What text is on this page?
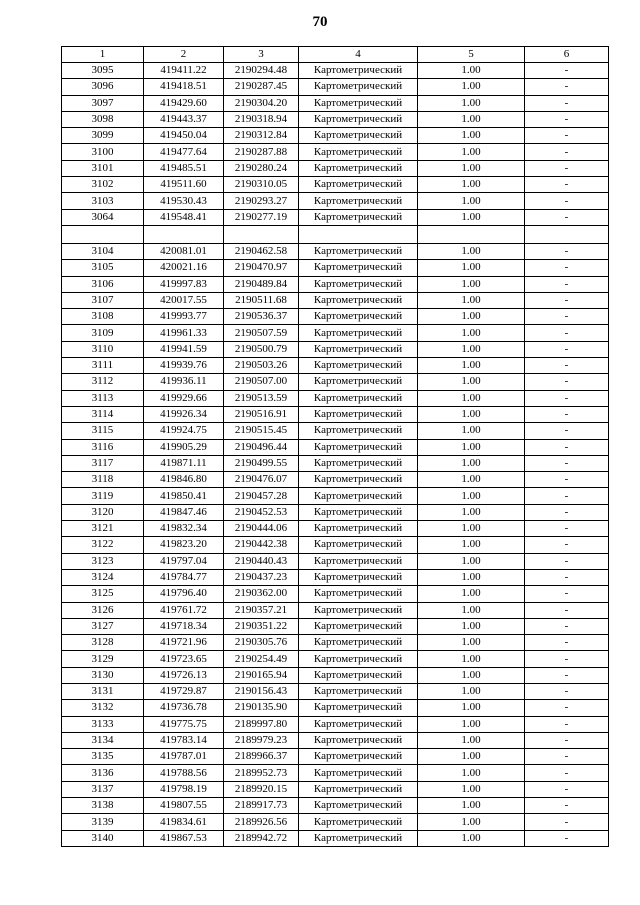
70
1	2	3	4	5	6
3095	419411.22	2190294.48	Картометрический	1.00	-
3096	419418.51	2190287.45	Картометрический	1.00	-
3097	419429.60	2190304.20	Картометрический	1.00	-
3098	419443.37	2190318.94	Картометрический	1.00	-
3099	419450.04	2190312.84	Картометрический	1.00	-
3100	419477.64	2190287.88	Картометрический	1.00	-
3101	419485.51	2190280.24	Картометрический	1.00	-
3102	419511.60	2190310.05	Картометрический	1.00	-
3103	419530.43	2190293.27	Картометрический	1.00	-
3064	419548.41	2190277.19	Картометрический	1.00	-

3104	420081.01	2190462.58	Картометрический	1.00	-
3105	420021.16	2190470.97	Картометрический	1.00	-
3106	419997.83	2190489.84	Картометрический	1.00	-
3107	420017.55	2190511.68	Картометрический	1.00	-
3108	419993.77	2190536.37	Картометрический	1.00	-
3109	419961.33	2190507.59	Картометрический	1.00	-
3110	419941.59	2190500.79	Картометрический	1.00	-
3111	419939.76	2190503.26	Картометрический	1.00	-
3112	419936.11	2190507.00	Картометрический	1.00	-
3113	419929.66	2190513.59	Картометрический	1.00	-
3114	419926.34	2190516.91	Картометрический	1.00	-
3115	419924.75	2190515.45	Картометрический	1.00	-
3116	419905.29	2190496.44	Картометрический	1.00	-
3117	419871.11	2190499.55	Картометрический	1.00	-
3118	419846.80	2190476.07	Картометрический	1.00	-
3119	419850.41	2190457.28	Картометрический	1.00	-
3120	419847.46	2190452.53	Картометрический	1.00	-
3121	419832.34	2190444.06	Картометрический	1.00	-
3122	419823.20	2190442.38	Картометрический	1.00	-
3123	419797.04	2190440.43	Картометрический	1.00	-
3124	419784.77	2190437.23	Картометрический	1.00	-
3125	419796.40	2190362.00	Картометрический	1.00	-
3126	419761.72	2190357.21	Картометрический	1.00	-
3127	419718.34	2190351.22	Картометрический	1.00	-
3128	419721.96	2190305.76	Картометрический	1.00	-
3129	419723.65	2190254.49	Картометрический	1.00	-
3130	419726.13	2190165.94	Картометрический	1.00	-
3131	419729.87	2190156.43	Картометрический	1.00	-
3132	419736.78	2190135.90	Картометрический	1.00	-
3133	419775.75	2189997.80	Картометрический	1.00	-
3134	419783.14	2189979.23	Картометрический	1.00	-
3135	419787.01	2189966.37	Картометрический	1.00	-
3136	419788.56	2189952.73	Картометрический	1.00	-
3137	419798.19	2189920.15	Картометрический	1.00	-
3138	419807.55	2189917.73	Картометрический	1.00	-
3139	419834.61	2189926.56	Картометрический	1.00	-
3140	419867.53	2189942.72	Картометрический	1.00	-
